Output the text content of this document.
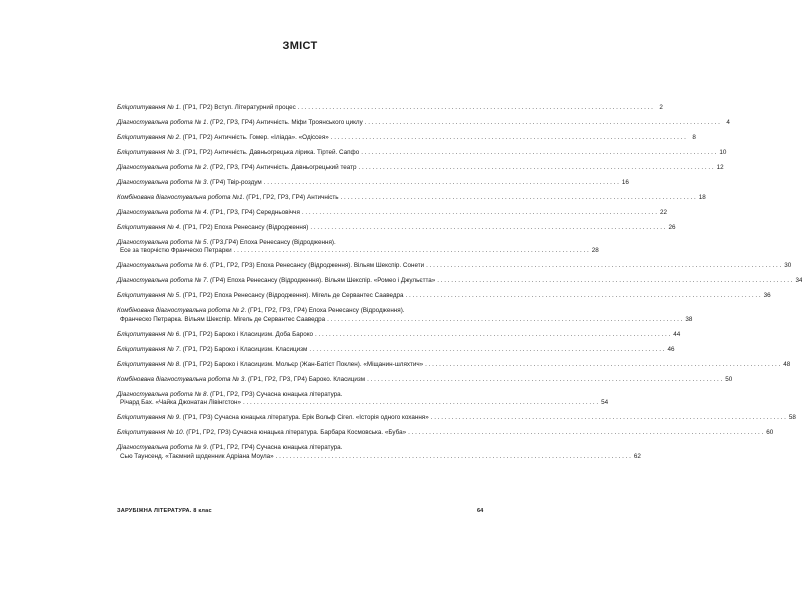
ЗМІСТ
Бліцопитування № 1. (ГР1, ГР2) Вступ. Літературний процес . . .	2
Діагностувальна робота № 1. (ГР2, ГР3, ГР4) Античність. Міфи Троянського циклу . . .	4
Бліцопитування № 2. (ГР1, ГР2) Античність. Гомер. «Іліада». «Одіссея» . . .	8
Бліцопитування № 3. (ГР1, ГР2) Античність. Давньогрецька лірика. Тіртей. Сапфо . . .	10
Діагностувальна робота № 2. (ГР2, ГР3, ГР4) Античність. Давньогрецький театр . . .	12
Діагностувальна робота № 3. (ГР4) Твір-роздум . . .	16
Комбінована діагностувальна робота №1. (ГР1, ГР2, ГР3, ГР4) Античність . . .	18
Діагностувальна робота № 4. (ГР1, ГР3, ГР4) Середньовіччя . . .	22
Бліцопитування № 4. (ГР1, ГР2) Епоха Ренесансу (Відродження) . . .	26
Діагностувальна робота № 5. (ГР3,ГР4) Епоха Ренесансу (Відродження).
Есе за творчістю Франческо Петрарки . . .	28
Діагностувальна робота № 6. (ГР1, ГР2, ГР3) Епоха Ренесансу (Відродження). Вільям Шекспір. Сонети . . .	30
Діагностувальна робота № 7. (ГР4) Епоха Ренесансу (Відродження). Вільям Шекспір. «Ромео і Джульєтта» . . .	34
Бліцопитування № 5. (ГР1, ГР2) Епоха Ренесансу (Відродження). Мігель де Сервантес Сааведра . . .	36
Комбінована діагностувальна робота № 2. (ГР1, ГР2, ГР3, ГР4) Епоха Ренесансу (Відродження).
Франческо Петрарка. Вільям Шекспір. Мігель де Сервантес Сааведра . . .	38
Бліцопитування № 6. (ГР1, ГР2) Бароко і Класицизм. Доба Бароко . . .	44
Бліцопитування № 7. (ГР1, ГР2) Бароко і Класицизм. Класицизм . . .	46
Бліцопитування № 8. (ГР1, ГР2) Бароко і Класицизм. Мольєр (Жан-Батіст Поклен). «Міщанин-шляхтич» . . .	48
Комбінована діагностувальна робота № 3. (ГР1, ГР2, ГР3, ГР4) Бароко. Класицизм . . .	50
Діагностувальна робота № 8. (ГР1, ГР2, ГР3) Сучасна юнацька література.
Річард Бах. «Чайка Джонатан Лівінгстон» . . .	54
Бліцопитування № 9. (ГР1, ГР3) Сучасна юнацька література. Ерік Вольф Сігел. «Історія одного кохання» . . .	58
Бліцопитування № 10. (ГР1, ГР2, ГР3) Сучасна юнацька література. Барбара Космовська. «Буба» . . .	60
Діагностувальна робота № 9. (ГР1, ГР2, ГР4) Сучасна юнацька література.
Сью Таунсенд. «Таємний щоденник Адріана Моула» . . .	62
ЗАРУБІЖНА ЛІТЕРАТУРА. 8 клас	64
